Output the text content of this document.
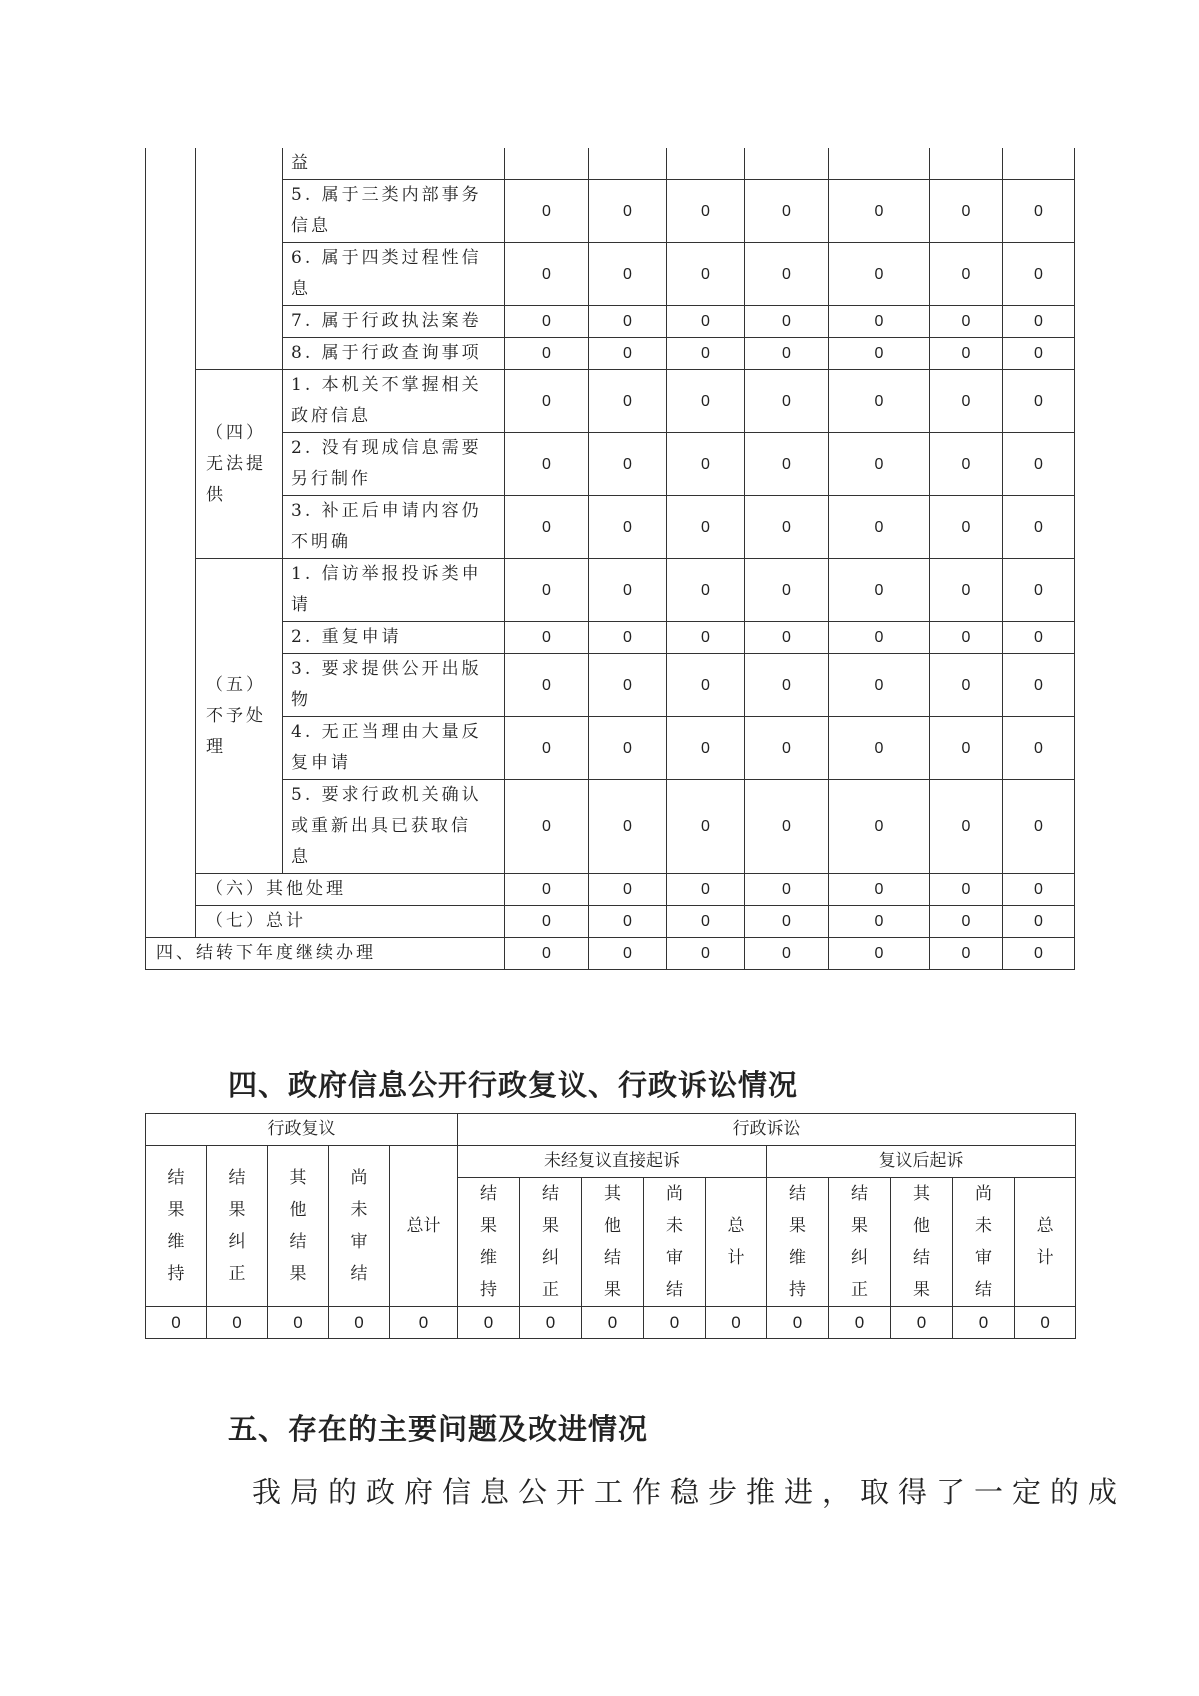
		益							
		5. 属于三类内部事务信息	0	0	0	0	0	0	0
		6. 属于四类过程性信息	0	0	0	0	0	0	0
		7. 属于行政执法案卷	0	0	0	0	0	0	0
		8. 属于行政查询事项	0	0	0	0	0	0	0
	（四）无法提供	1. 本机关不掌握相关政府信息	0	0	0	0	0	0	0
		2. 没有现成信息需要另行制作	0	0	0	0	0	0	0
		3. 补正后申请内容仍不明确	0	0	0	0	0	0	0
	（五）不予处理	1. 信访举报投诉类申请	0	0	0	0	0	0	0
		2. 重复申请	0	0	0	0	0	0	0
		3. 要求提供公开出版物	0	0	0	0	0	0	0
		4. 无正当理由大量反复申请	0	0	0	0	0	0	0
		5. 要求行政机关确认或重新出具已获取信息	0	0	0	0	0	0	0
	（六）其他处理		0	0	0	0	0	0	0
	（七）总计		0	0	0	0	0	0	0
四、结转下年度继续办理			0	0	0	0	0	0	0
四、政府信息公开行政复议、行政诉讼情况
行政复议					行政诉讼									
结果维持	结果纠正	其他结果	尚未审结	总计	未经复议直接起诉					复议后起诉				
					结果维持	结果纠正	其他结果	尚未审结	总计	结果维持	结果纠正	其他结果	尚未审结	总计
0	0	0	0	0	0	0	0	0	0	0	0	0	0	0
五、存在的主要问题及改进情况

我局的政府信息公开工作稳步推进，取得了一定的成
